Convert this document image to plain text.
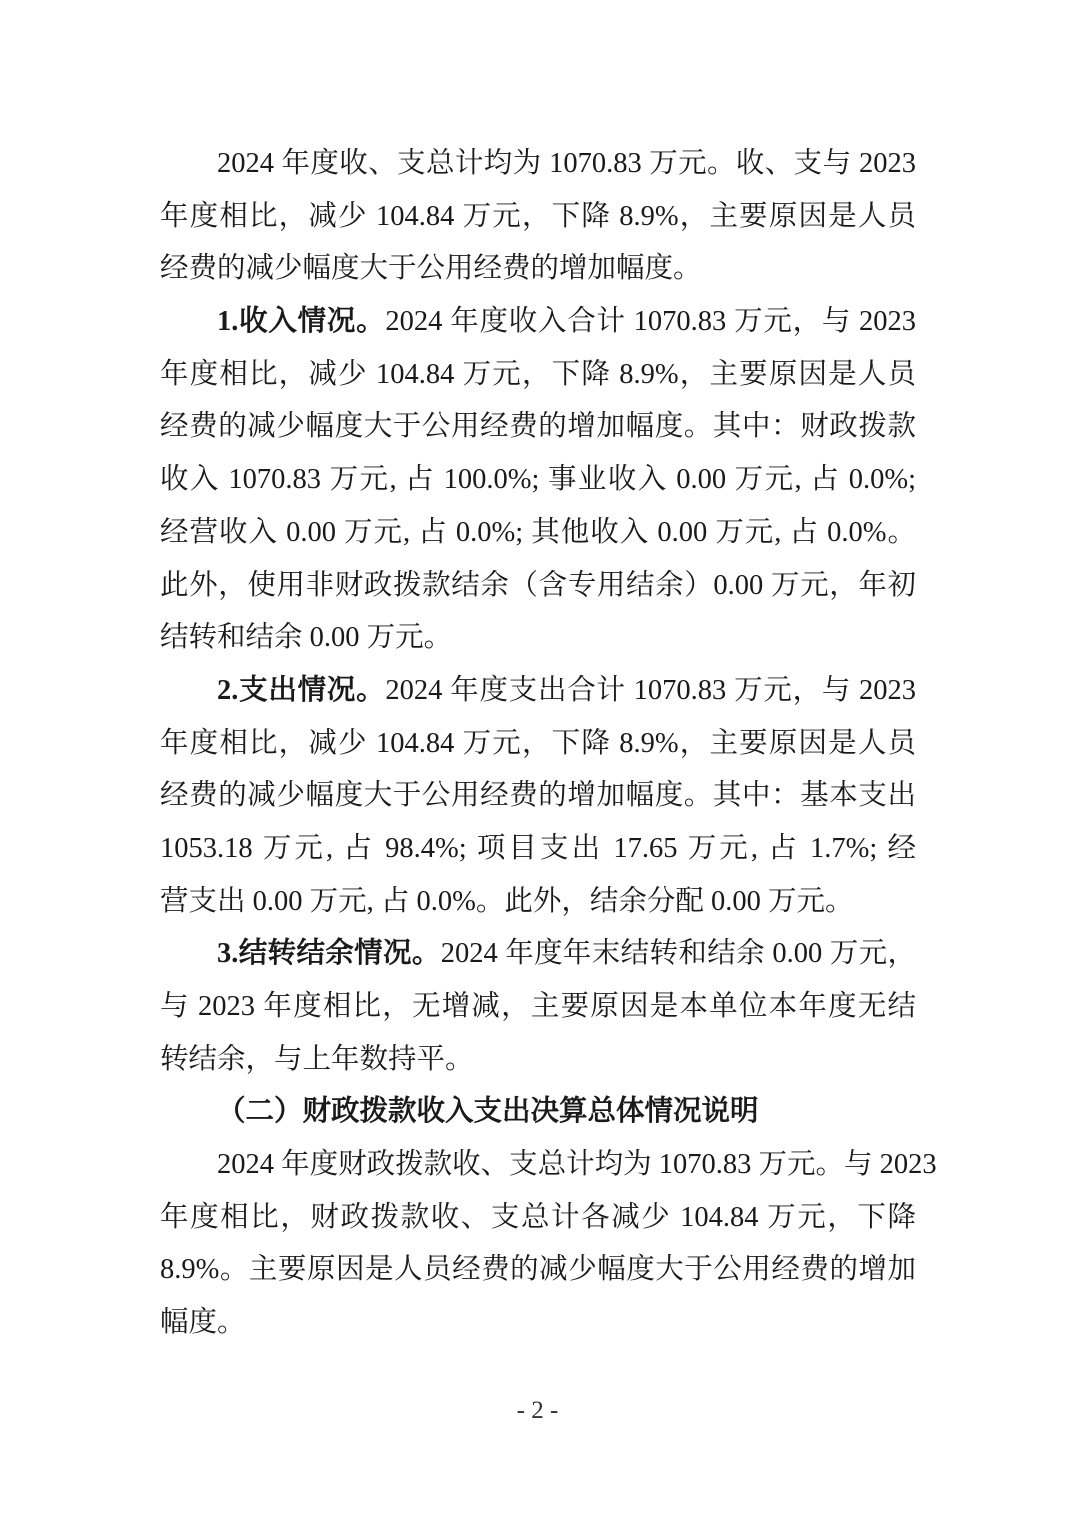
2024 年度收、支总计均为 1070.83 万元。收、支与 2023
年度相比，减少 104.84 万元，下降 8.9%，主要原因是人员
经费的减少幅度大于公用经费的增加幅度。
1.收入情况。2024 年度收入合计 1070.83 万元，与 2023
年度相比，减少 104.84 万元，下降 8.9%，主要原因是人员
经费的减少幅度大于公用经费的增加幅度。其中：财政拨款
收入 1070.83 万元, 占 100.0%; 事业收入 0.00 万元, 占 0.0%;
经营收入 0.00 万元, 占 0.0%; 其他收入 0.00 万元, 占 0.0%。
此外，使用非财政拨款结余（含专用结余）0.00 万元，年初
结转和结余 0.00 万元。
2.支出情况。2024 年度支出合计 1070.83 万元，与 2023
年度相比，减少 104.84 万元，下降 8.9%，主要原因是人员
经费的减少幅度大于公用经费的增加幅度。其中：基本支出
1053.18 万元, 占 98.4%; 项目支出 17.65 万元, 占 1.7%; 经
营支出 0.00 万元, 占 0.0%。此外，结余分配 0.00 万元。
3.结转结余情况。2024 年度年末结转和结余 0.00 万元，
与 2023 年度相比，无增减，主要原因是本单位本年度无结
转结余，与上年数持平。
（二）财政拨款收入支出决算总体情况说明
2024 年度财政拨款收、支总计均为 1070.83 万元。与 2023
年度相比，财政拨款收、支总计各减少 104.84 万元，下降
8.9%。主要原因是人员经费的减少幅度大于公用经费的增加
幅度。
- 2 -
